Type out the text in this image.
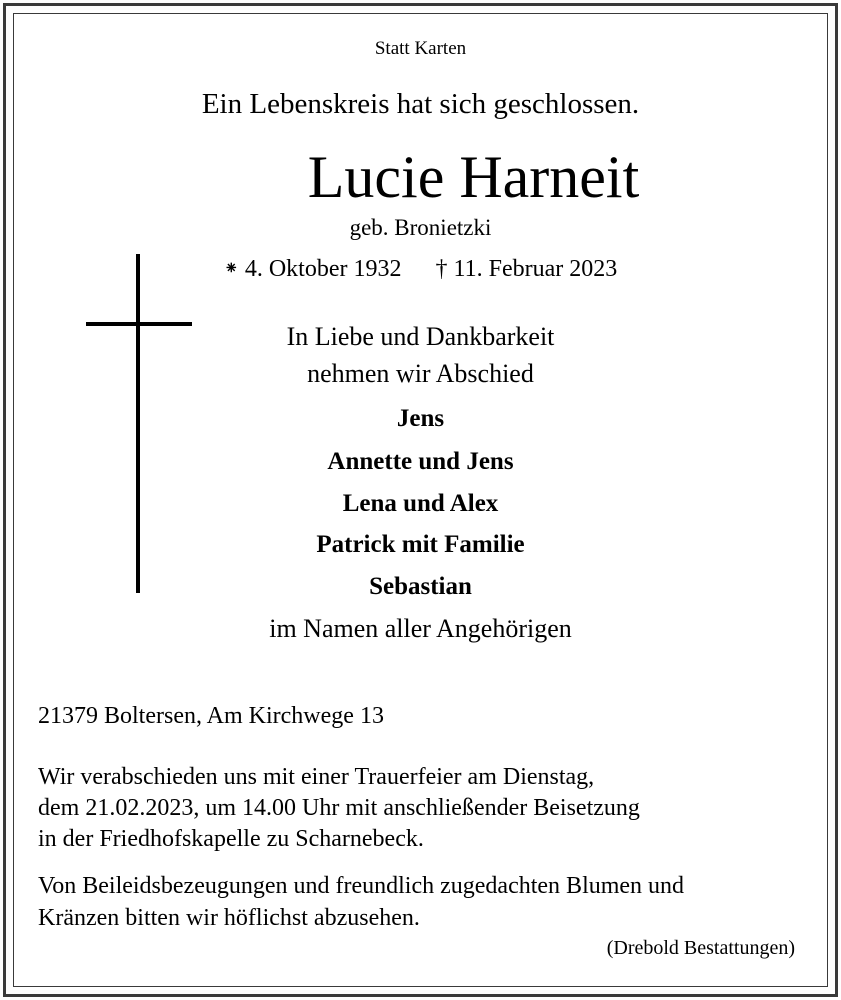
Statt Karten
Ein Lebenskreis hat sich geschlossen.
Lucie Harneit
geb. Bronietzki
⁕ 4. Oktober 1932 † 11. Februar 2023
In Liebe und Dankbarkeit
nehmen wir Abschied
Jens
Annette und Jens
Lena und Alex
Patrick mit Familie
Sebastian
im Namen aller Angehörigen
21379 Boltersen, Am Kirchwege 13
Wir verabschieden uns mit einer Trauerfeier am Dienstag,
dem 21.02.2023, um 14.00 Uhr mit anschließender Beisetzung
in der Friedhofskapelle zu Scharnebeck.
Von Beileidsbezeugungen und freundlich zugedachten Blumen und
Kränzen bitten wir höflichst abzusehen.
(Drebold Bestattungen)
